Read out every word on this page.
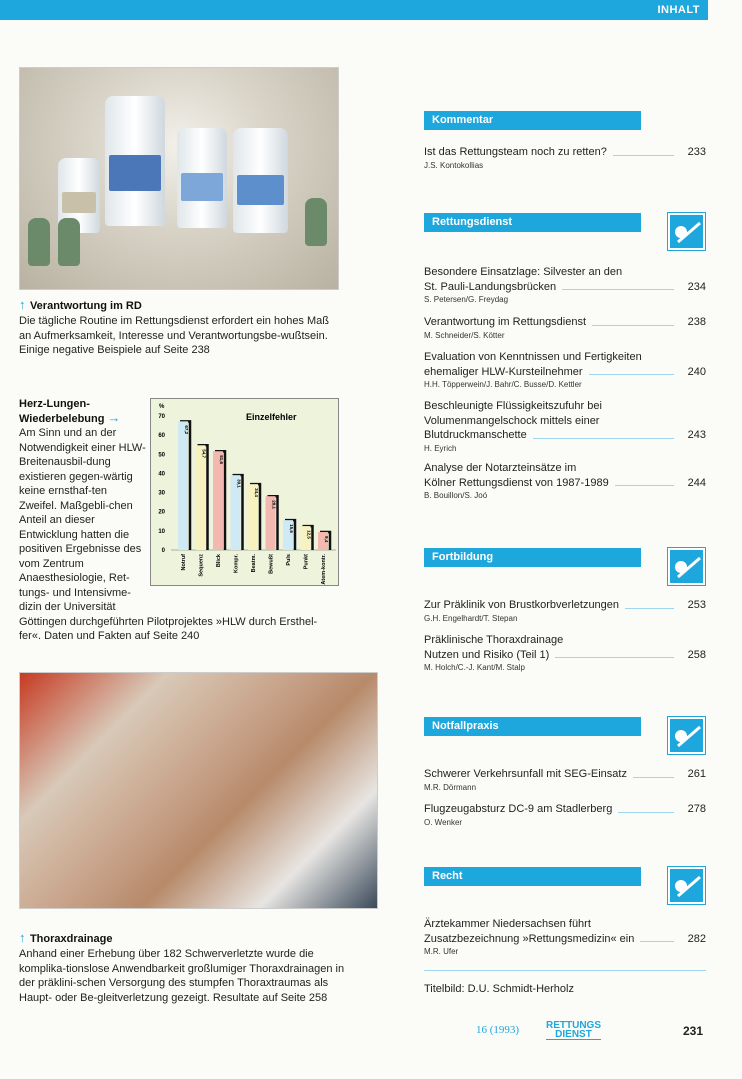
INHALT
↑ Verantwortung im RD
Die tägliche Routine im Rettungsdienst erfordert ein hohes Maß an Aufmerksamkeit, Interesse und Verantwortungsbe-wußtsein. Einige negative Beispiele auf Seite 238
Herz-Lungen-Wiederbelebung →
Am Sinn und an der Notwendigkeit einer HLW-Breitenausbil-dung existieren gegen-wärtig keine ernsthaf-ten Zweifel. Maßgebli-chen Anteil an dieser Entwicklung hatten die positiven Ergebnisse des vom Zentrum Anaesthesiologie, Ret-tungs- und Intensivme-dizin der Universität
Göttingen durchgeführten Pilotprojektes »HLW durch Ersthel-fer«. Daten und Fakten auf Seite 240
%
Einzelfehler
0
10
20
30
40
50
60
70
67,2
Notruf
54,7
Sequenz
51,6
Blick
39,1
Kompr.
34,4
Beatm.
28,1
Bewußt
15,6
Puls
12,5
Punkt
9,4
Atem-kontr.
↑ Thoraxdrainage
Anhand einer Erhebung über 182 Schwerverletzte wurde die komplika-tionslose Anwendbarkeit großlumiger Thoraxdrainagen in der präklini-schen Versorgung des stumpfen Thoraxtraumas als Haupt- oder Be-gleitverletzung gezeigt. Resultate auf Seite 258
Kommentar
Ist das Rettungsteam noch zu retten?	233
J.S. Kontokollias
Rettungsdienst
Besondere Einsatzlage: Silvester an den
St. Pauli-Landungsbrücken	234
S. Petersen/G. Freydag
Verantwortung im Rettungsdienst	238
M. Schneider/S. Kötter
Evaluation von Kenntnissen und Fertigkeiten
ehemaliger HLW-Kursteilnehmer	240
H.H. Töpperwein/J. Bahr/C. Busse/D. Kettler
Beschleunigte Flüssigkeitszufuhr bei
Volumenmangelschock mittels einer
Blutdruckmanschette	243
H. Eyrich
Analyse der Notarzteinsätze im
Kölner Rettungsdienst von 1987-1989	244
B. Bouillon/S. Joó
Fortbildung
Zur Präklinik von Brustkorbverletzungen	253
G.H. Engelhardt/T. Stepan
Präklinische Thoraxdrainage
Nutzen und Risiko (Teil 1)	258
M. Holch/C.-J. Kant/M. Stalp
Notfallpraxis
Schwerer Verkehrsunfall mit SEG-Einsatz	261
M.R. Dörmann
Flugzeugabsturz DC-9 am Stadlerberg	278
O. Wenker
Recht
Ärztekammer Niedersachsen führt
Zusatzbezeichnung »Rettungsmedizin« ein	282
M.R. Ufer
Titelbild: D.U. Schmidt-Herholz
16 (1993)	RETTUNGS
DIENST	231
